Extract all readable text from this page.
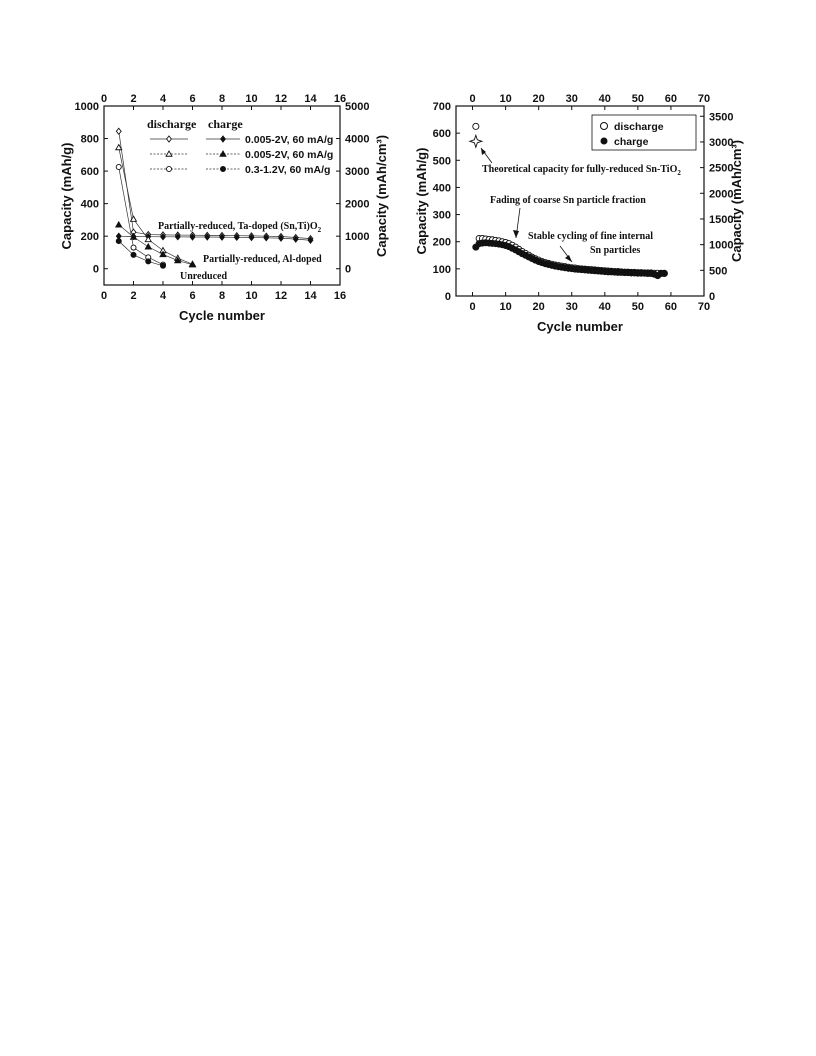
0
0
2
2
4
4
6
6
8
8
10
10
12
12
14
14
16
16
0
200
400
600
800
1000
0
1000
2000
3000
4000
5000
Cycle number
Capacity (mAh/g)	Capacity (mAh/cm³)
discharge charge
0.005-2V, 60 mA/g
0.005-2V, 60 mA/g
0.3-1.2V, 60 mA/g
Partially-reduced, Ta-doped $(Sn,Ti)O_2$
Partially-reduced, Al-doped
Unreduced
0
0
10
10
20
20
30
30
40
40
50
50
60
60
70
70
0
100
200
300
400
500
600
700
0
500
1000
1500
2000
2500
3000
3500
Cycle number
Capacity (mAh/g)	Capacity (mAh/cm³)
discharge
charge
Theoretical capacity for fully-reduced Sn-TiO$_2$
Fading of coarse Sn particle fraction
Stable cycling of fine internal
Sn particles
